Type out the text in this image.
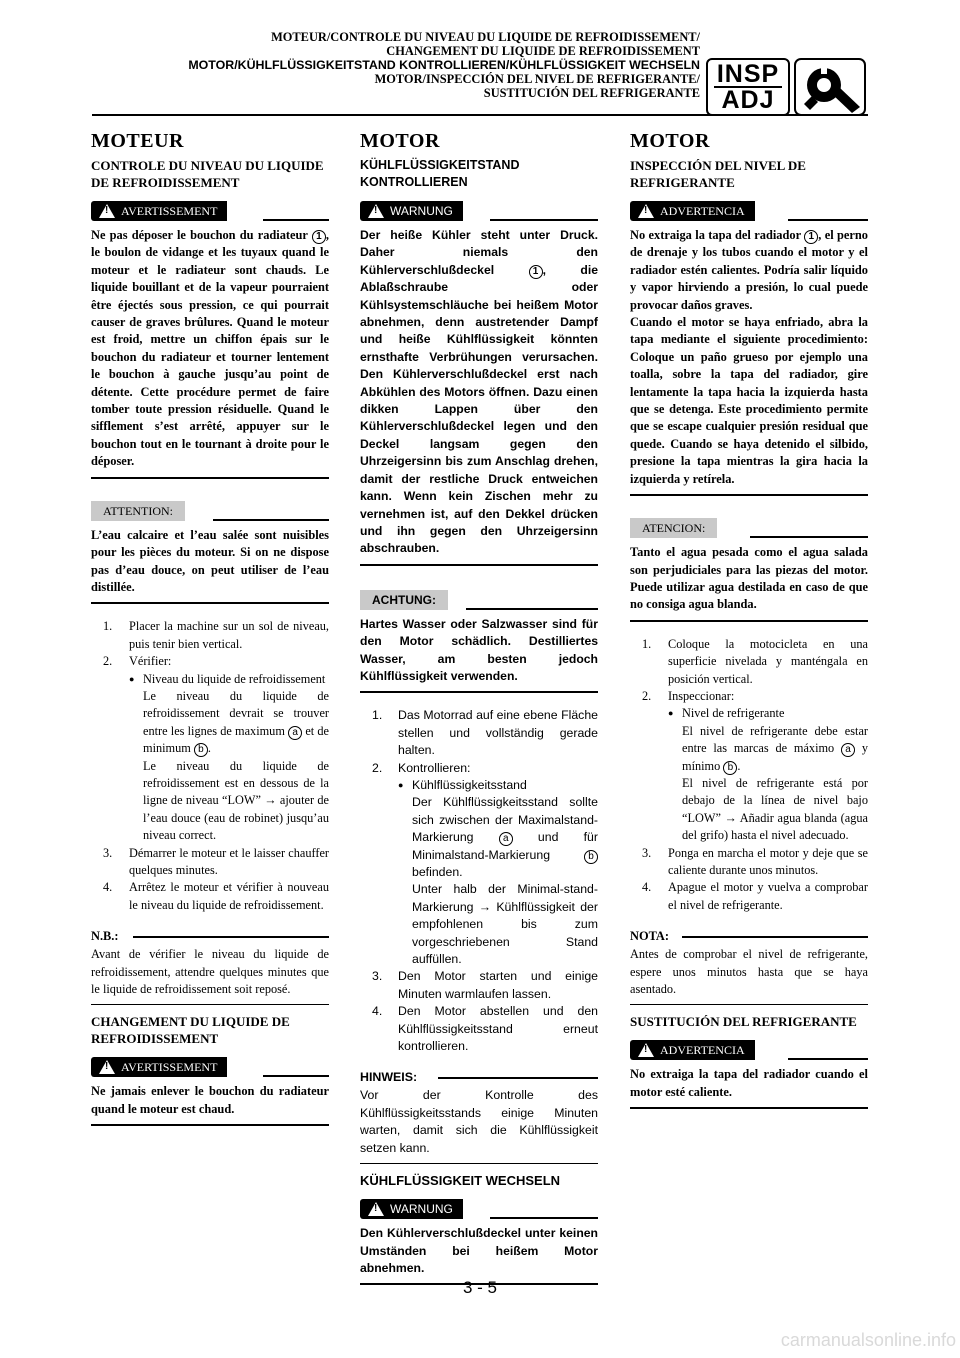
MOTEUR/CONTROLE DU NIVEAU DU LIQUIDE DE REFROIDISSEMENT/
CHANGEMENT DU LIQUIDE DE REFROIDISSEMENT
MOTOR/KÜHLFLÜSSIGKEITSTAND KONTROLLIEREN/KÜHLFLÜSSIGKEIT WECHSELN
MOTOR/INSPECCIÓN DEL NIVEL DE REFRIGERANTE/
SUSTITUCIÓN DEL REFRIGERANTE
INSP
ADJ
MOTEUR
CONTROLE DU NIVEAU DU LIQUIDE DE REFROIDISSEMENT
!
AVERTISSEMENT
Ne pas déposer le bouchon du radiateur 1 , le boulon de vidange et les tuyaux quand le moteur et le radiateur sont chauds. Le liquide bouillant et de la vapeur pourraient être éjectés sous pression, ce qui pourrait causer de graves brûlures. Quand le moteur est froid, mettre un chiffon épais sur le bouchon du radiateur et tourner lentement le bouchon à gauche jusqu’au point de détente. Cette procédure permet de faire tomber toute pression résiduelle. Quand le sifflement s’est arrêté, appuyer sur le bouchon tout en le tournant à droite pour le déposer.
ATTENTION:
L’eau calcaire et l’eau salée sont nuisibles pour les pièces du moteur. Si on ne dispose pas d’eau douce, on peut utiliser de l’eau distillée.
1. Placer la machine sur un sol de niveau, puis tenir bien vertical.
2. Vérifier:
● Niveau du liquide de refroidissement
Le niveau du liquide de refroidissement devrait se trouver entre les lignes de maximum a et de minimum b .
Le niveau du liquide de refroidissement est en dessous de la ligne de niveau “LOW” → ajouter de l’eau douce (eau de robinet) jusqu’au niveau correct.
3. Démarrer le moteur et le laisser chauffer quelques minutes.
4. Arrêtez le moteur et vérifier à nouveau le niveau du liquide de refroidissement.
N.B.:
Avant de vérifier le niveau du liquide de refroidissement, attendre quelques minutes que le liquide de refroidissement soit reposé.
CHANGEMENT DU LIQUIDE DE REFROIDISSEMENT
!
AVERTISSEMENT
Ne jamais enlever le bouchon du radiateur quand le moteur est chaud.
MOTOR
KÜHLFLÜSSIGKEITSTAND KONTROLLIEREN
!
WARNUNG
Der heiße Kühler steht unter Druck. Daher niemals den Kühlerverschlußdeckel 1 , die Ablaßschraube oder Kühlsystemschläuche bei heißem Motor abnehmen, denn austretender Dampf und heiße Kühlflüssigkeit könnten ernsthafte Verbrühungen verursachen. Den Kühlerverschlußdeckel erst nach Abkühlen des Motors öffnen. Dazu einen dikken Lappen über den Kühlerverschlußdeckel legen und den Deckel langsam gegen den Uhrzeigersinn bis zum Anschlag drehen, damit der restliche Druck entweichen kann. Wenn kein Zischen mehr zu vernehmen ist, auf den Dekkel drücken und ihn gegen den Uhrzeigersinn abschrauben.
ACHTUNG:
Hartes Wasser oder Salzwasser sind für den Motor schädlich. Destilliertes Wasser, am besten jedoch Kühlflüssigkeit verwenden.
1. Das Motorrad auf eine ebene Fläche stellen und vollständig gerade halten.
2. Kontrollieren:
● Kühlflüssigkeitsstand
Der Kühlflüssigkeitsstand sollte sich zwischen der Maximalstand-Markierung a und für Minimalstand-Markierung b befinden.
Unter halb der Minimal-stand-Markierung → Kühlflüssigkeit der empfohlenen bis zum vorgeschriebenen Stand auffüllen.
3. Den Motor starten und einige Minuten warmlaufen lassen.
4. Den Motor abstellen und den Kühlflüssigkeitsstand erneut kontrollieren.
HINWEIS:
Vor der Kontrolle des Kühlflüssigkeitsstands einige Minuten warten, damit sich die Kühlflüssigkeit setzen kann.
KÜHLFLÜSSIGKEIT WECHSELN
!
WARNUNG
Den Kühlerverschlußdeckel unter keinen Umständen bei heißem Motor abnehmen.
MOTOR
INSPECCIÓN DEL NIVEL DE REFRIGERANTE
!
ADVERTENCIA
No extraiga la tapa del radiador 1 , el perno de drenaje y los tubos cuando el motor y el radiador estén calientes. Podría salir líquido y vapor hirviendo a presión, lo cual puede provocar daños graves.
Cuando el motor se haya enfriado, abra la tapa mediante el siguiente procedimiento: Coloque un paño grueso por ejemplo una toalla, sobre la tapa del radiador, gire lentamente la tapa hacia la izquierda hasta que se detenga. Este procedimiento permite que se escape cualquier presión residual que quede. Cuando se haya detenido el silbido, presione la tapa mientras la gira hacia la izquierda y retírela.
ATENCION:
Tanto el agua pesada como el agua salada son perjudiciales para las piezas del motor. Puede utilizar agua destilada en caso de que no consiga agua blanda.
1. Coloque la motocicleta en una superficie nivelada y manténgala en posición vertical.
2. Inspeccionar:
● Nivel de refrigerante
El nivel de refrigerante debe estar entre las marcas de máximo a y mínimo b .
El nivel de refrigerante está por debajo de la línea de nivel bajo “LOW” → Añadir agua blanda (agua del grifo) hasta el nivel adecuado.
3. Ponga en marcha el motor y deje que se caliente durante unos minutos.
4. Apague el motor y vuelva a comprobar el nivel de refrigerante.
NOTA:
Antes de comprobar el nivel de refrigerante, espere unos minutos hasta que se haya asentado.
SUSTITUCIÓN DEL REFRIGERANTE
!
ADVERTENCIA
No extraiga la tapa del radiador cuando el motor esté caliente.
3 - 5
carmanualsonline.info
